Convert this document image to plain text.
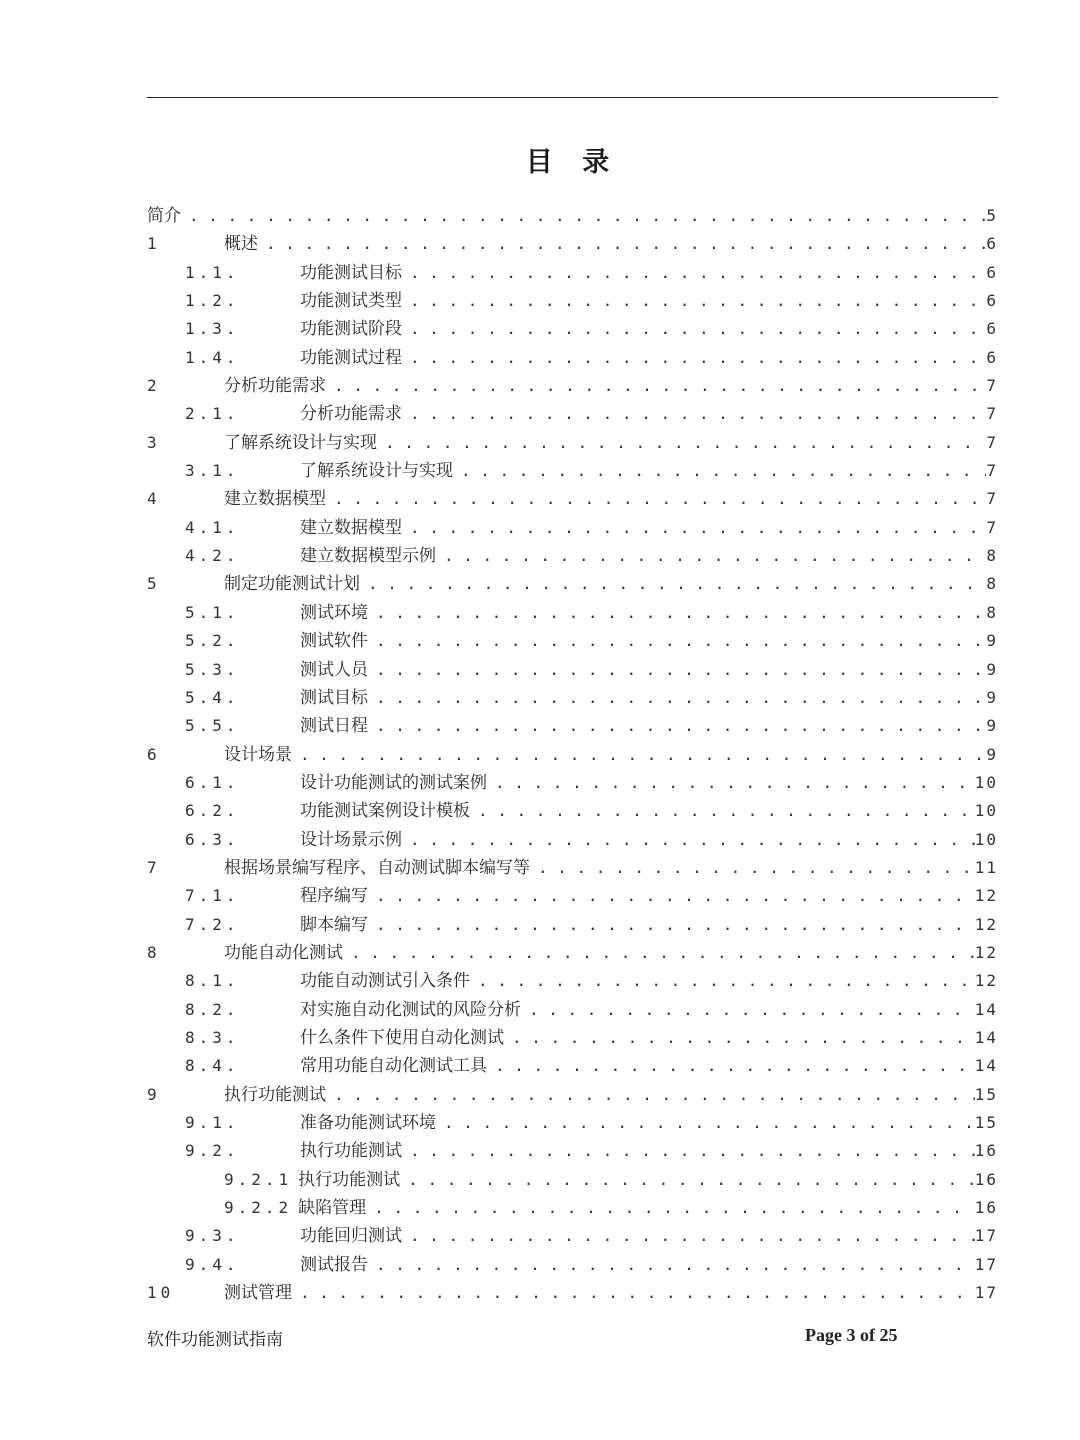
目 录
简介 . . .	5
1	概述 . . .	6
1.1.	功能测试目标 . . .	6
1.2.	功能测试类型 . . .	6
1.3.	功能测试阶段 . . .	6
1.4.	功能测试过程 . . .	6
2	分析功能需求 . . .	7
2.1.	分析功能需求 . . .	7
3	了解系统设计与实现 . . .	7
3.1.	了解系统设计与实现 . . .	7
4	建立数据模型 . . .	7
4.1.	建立数据模型 . . .	7
4.2.	建立数据模型示例 . . .	8
5	制定功能测试计划 . . .	8
5.1.	测试环境 . . .	8
5.2.	测试软件 . . .	9
5.3.	测试人员 . . .	9
5.4.	测试目标 . . .	9
5.5.	测试日程 . . .	9
6	设计场景 . . .	9
6.1.	设计功能测试的测试案例 . . .	10
6.2.	功能测试案例设计模板 . . .	10
6.3.	设计场景示例 . . .	10
7	根据场景编写程序、自动测试脚本编写等 . . .	11
7.1.	程序编写 . . .	12
7.2.	脚本编写 . . .	12
8	功能自动化测试 . . .	12
8.1.	功能自动测试引入条件 . . .	12
8.2.	对实施自动化测试的风险分析 . . .	14
8.3.	什么条件下使用自动化测试 . . .	14
8.4.	常用功能自动化测试工具 . . .	14
9	执行功能测试 . . .	15
9.1.	准备功能测试环境 . . .	15
9.2.	执行功能测试 . . .	16
9.2.1 执行功能测试 . . .	16
9.2.2 缺陷管理 . . .	16
9.3.	功能回归测试 . . .	17
9.4.	测试报告 . . .	17
10	测试管理 . . .	17
软件功能测试指南	Page 3 of 25
